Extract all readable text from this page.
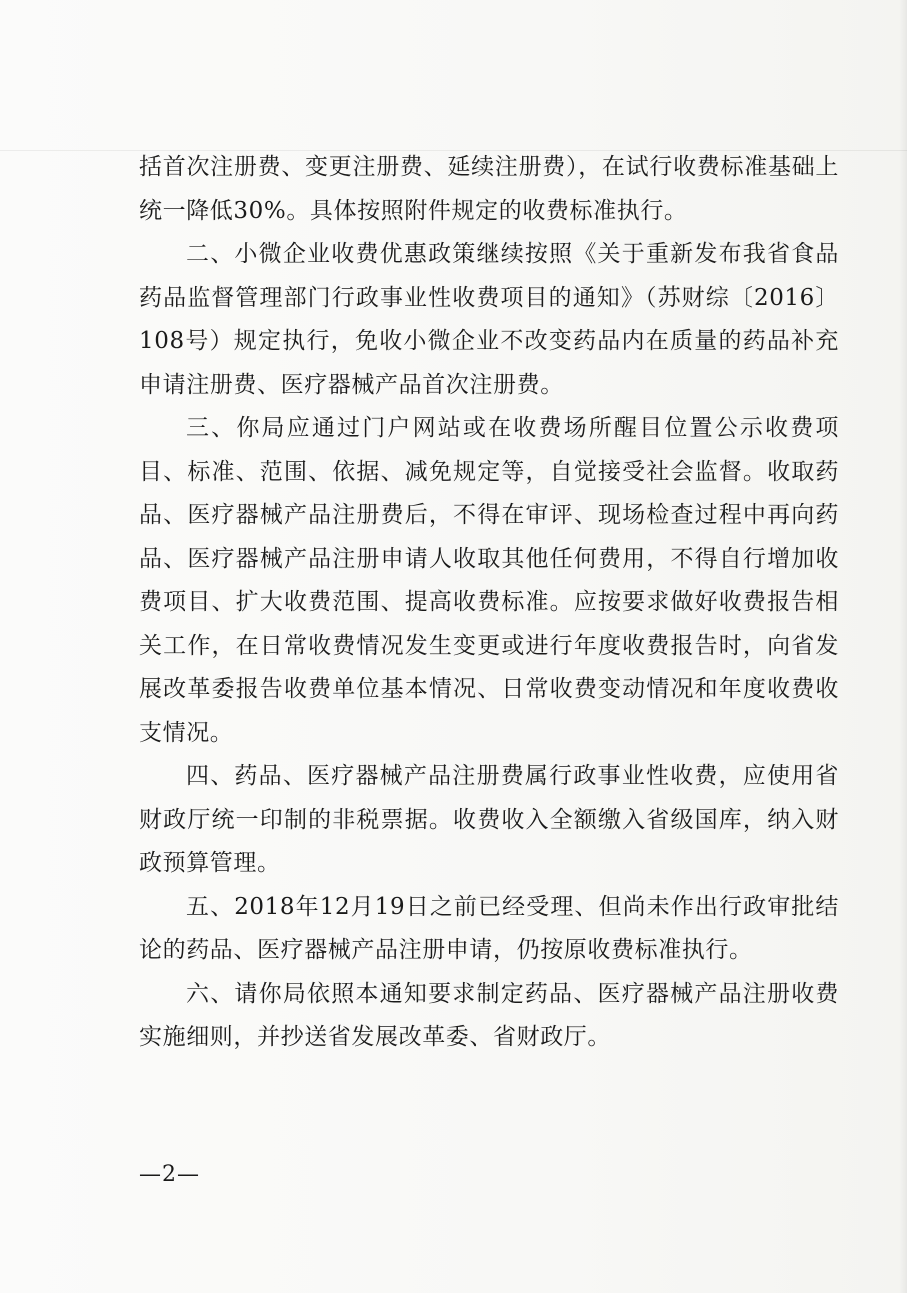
括首次注册费、变更注册费、延续注册费），在试行收费标准基础上统一降低30%。具体按照附件规定的收费标准执行。

二、小微企业收费优惠政策继续按照《关于重新发布我省食品药品监督管理部门行政事业性收费项目的通知》（苏财综〔2016〕108号）规定执行，免收小微企业不改变药品内在质量的药品补充申请注册费、医疗器械产品首次注册费。

三、你局应通过门户网站或在收费场所醒目位置公示收费项目、标准、范围、依据、减免规定等，自觉接受社会监督。收取药品、医疗器械产品注册费后，不得在审评、现场检查过程中再向药品、医疗器械产品注册申请人收取其他任何费用，不得自行增加收费项目、扩大收费范围、提高收费标准。应按要求做好收费报告相关工作，在日常收费情况发生变更或进行年度收费报告时，向省发展改革委报告收费单位基本情况、日常收费变动情况和年度收费收支情况。

四、药品、医疗器械产品注册费属行政事业性收费，应使用省财政厅统一印制的非税票据。收费收入全额缴入省级国库，纳入财政预算管理。

五、2018年12月19日之前已经受理、但尚未作出行政审批结论的药品、医疗器械产品注册申请，仍按原收费标准执行。

六、请你局依照本通知要求制定药品、医疗器械产品注册收费实施细则，并抄送省发展改革委、省财政厅。

—2—
